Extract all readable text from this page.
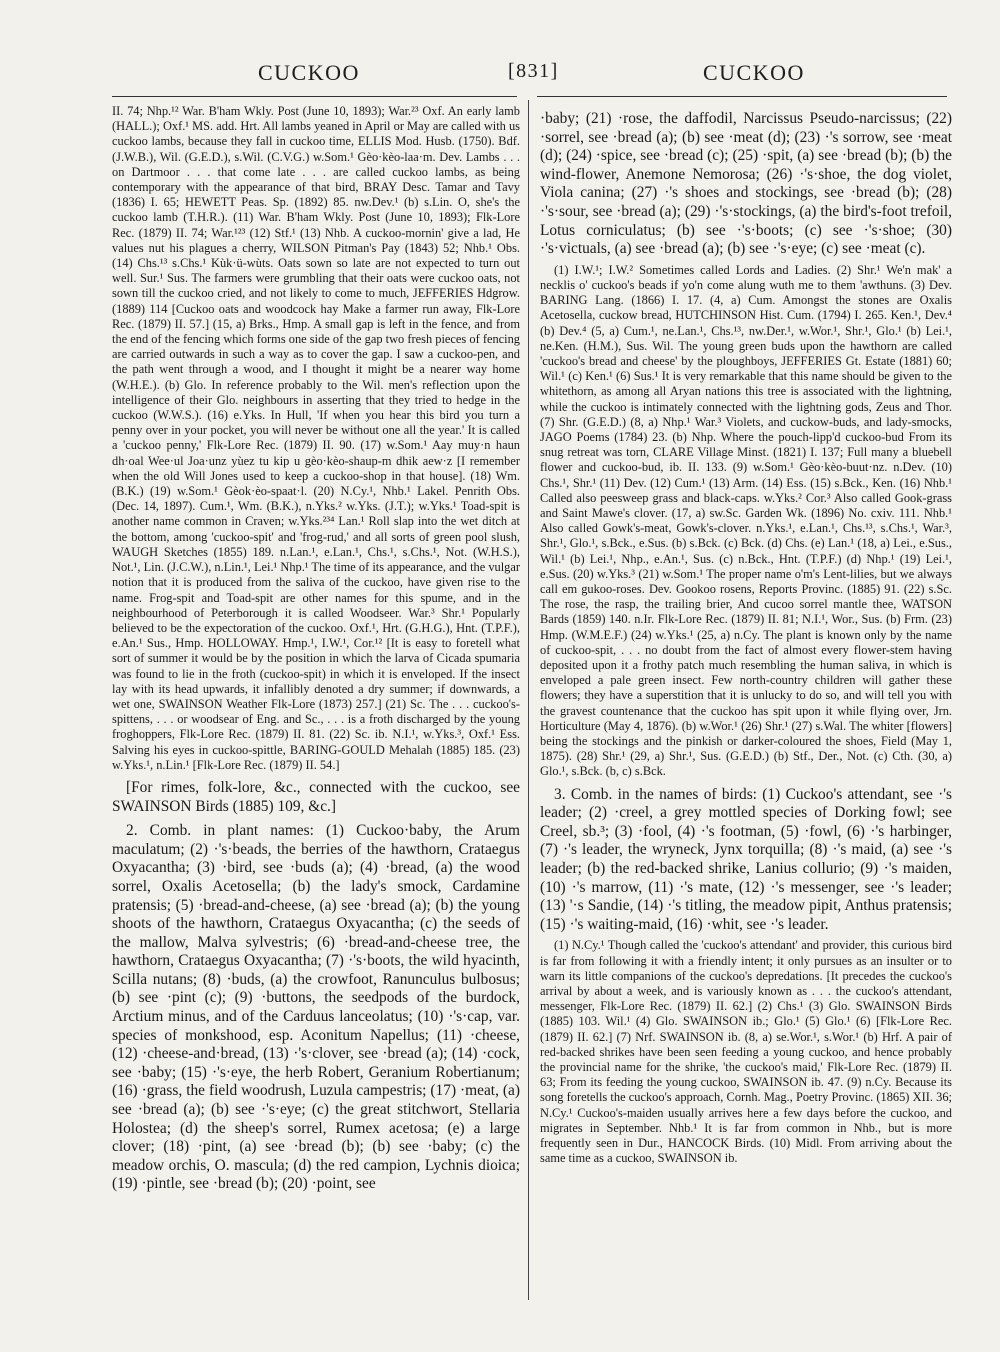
CUCKOO	[831]	CUCKOO

II. 74; Nhp.¹² War. B'ham Wkly. Post (June 10, 1893); War.²³ Oxf. An early lamb (HALL.); Oxf.¹ MS. add. Hrt. All lambs yeaned in April or May are called with us cuckoo lambs, because they fall in cuckoo time, ELLIS Mod. Husb. (1750). Bdf. (J.W.B.), Wil. (G.E.D.), s.Wil. (C.V.G.) w.Som.¹ Gèo·kèo-laa·m. Dev. Lambs . . . on Dartmoor . . . that come late . . . are called cuckoo lambs, as being contemporary with the appearance of that bird, BRAY Desc. Tamar and Tavy (1836) I. 65; HEWETT Peas. Sp. (1892) 85. nw.Dev.¹ (b) s.Lin. O, she's the cuckoo lamb (T.H.R.). (11) War. B'ham Wkly. Post (June 10, 1893); Flk-Lore Rec. (1879) II. 74; War.¹²³ (12) Stf.¹ (13) Nhb. A cuckoo-mornin' give a lad, He values nut his plagues a cherry, WILSON Pitman's Pay (1843) 52; Nhb.¹ Obs. (14) Chs.¹³ s.Chs.¹ Kùk·ü-wùts. Oats sown so late are not expected to turn out well. Sur.¹ Sus. The farmers were grumbling that their oats were cuckoo oats, not sown till the cuckoo cried, and not likely to come to much, JEFFERIES Hdgrow. (1889) 114 [Cuckoo oats and woodcock hay Make a farmer run away, Flk-Lore Rec. (1879) II. 57.] (15, a) Brks., Hmp. A small gap is left in the fence, and from the end of the fencing which forms one side of the gap two fresh pieces of fencing are carried outwards in such a way as to cover the gap. I saw a cuckoo-pen, and the path went through a wood, and I thought it might be a nearer way home (W.H.E.). (b) Glo. In reference probably to the Wil. men's reflection upon the intelligence of their Glo. neighbours in asserting that they tried to hedge in the cuckoo (W.W.S.). (16) e.Yks. In Hull, 'If when you hear this bird you turn a penny over in your pocket, you will never be without one all the year.' It is called a 'cuckoo penny,' Flk-Lore Rec. (1879) II. 90. (17) w.Som.¹ Aay muy·n haun dh·oal Wee·ul Joa·unz yùez tu kip u gèo·kèo-shaup-m dhik aew·z [I remember when the old Will Jones used to keep a cuckoo-shop in that house]. (18) Wm. (B.K.) (19) w.Som.¹ Gèok·èo-spaat·l. (20) N.Cy.¹, Nhb.¹ Lakel. Penrith Obs. (Dec. 14, 1897). Cum.¹, Wm. (B.K.), n.Yks.² w.Yks. (J.T.); w.Yks.¹ Toad-spit is another name common in Craven; w.Yks.²³⁴ Lan.¹ Roll slap into the wet ditch at the bottom, among 'cuckoo-spit' and 'frog-rud,' and all sorts of green pool slush, WAUGH Sketches (1855) 189. n.Lan.¹, e.Lan.¹, Chs.¹, s.Chs.¹, Not. (W.H.S.), Not.¹, Lin. (J.C.W.), n.Lin.¹, Lei.¹ Nhp.¹ The time of its appearance, and the vulgar notion that it is produced from the saliva of the cuckoo, have given rise to the name. Frog-spit and Toad-spit are other names for this spume, and in the neighbourhood of Peterborough it is called Woodseer. War.³ Shr.¹ Popularly believed to be the expectoration of the cuckoo. Oxf.¹, Hrt. (G.H.G.), Hnt. (T.P.F.), e.An.¹ Sus., Hmp. HOLLOWAY. Hmp.¹, I.W.¹, Cor.¹² [It is easy to foretell what sort of summer it would be by the position in which the larva of Cicada spumaria was found to lie in the froth (cuckoo-spit) in which it is enveloped. If the insect lay with its head upwards, it infallibly denoted a dry summer; if downwards, a wet one, SWAINSON Weather Flk-Lore (1873) 257.] (21) Sc. The . . . cuckoo's-spittens, . . . or woodsear of Eng. and Sc., . . . is a froth discharged by the young froghoppers, Flk-Lore Rec. (1879) II. 81. (22) Sc. ib. N.I.¹, w.Yks.³, Oxf.¹ Ess. Salving his eyes in cuckoo-spittle, BARING-GOULD Mehalah (1885) 185. (23) w.Yks.¹, n.Lin.¹ [Flk-Lore Rec. (1879) II. 54.]

[For rimes, folk-lore, &c., connected with the cuckoo, see SWAINSON Birds (1885) 109, &c.]

2. Comb. in plant names: (1) Cuckoo·baby, the Arum maculatum; (2) ·'s·beads, the berries of the hawthorn, Crataegus Oxyacantha; (3) ·bird, see ·buds (a); (4) ·bread, (a) the wood sorrel, Oxalis Acetosella; (b) the lady's smock, Cardamine pratensis; (5) ·bread-and-cheese, (a) see ·bread (a); (b) the young shoots of the hawthorn, Crataegus Oxyacantha; (c) the seeds of the mallow, Malva sylvestris; (6) ·bread-and-cheese tree, the hawthorn, Crataegus Oxyacantha; (7) ·'s·boots, the wild hyacinth, Scilla nutans; (8) ·buds, (a) the crowfoot, Ranunculus bulbosus; (b) see ·pint (c); (9) ·buttons, the seedpods of the burdock, Arctium minus, and of the Carduus lanceolatus; (10) ·'s·cap, var. species of monkshood, esp. Aconitum Napellus; (11) ·cheese, (12) ·cheese-and·bread, (13) ·'s·clover, see ·bread (a); (14) ·cock, see ·baby; (15) ·'s·eye, the herb Robert, Geranium Robertianum; (16) ·grass, the field woodrush, Luzula campestris; (17) ·meat, (a) see ·bread (a); (b) see ·'s·eye; (c) the great stitchwort, Stellaria Holostea; (d) the sheep's sorrel, Rumex acetosa; (e) a large clover; (18) ·pint, (a) see ·bread (b); (b) see ·baby; (c) the meadow orchis, O. mascula; (d) the red campion, Lychnis dioica; (19) ·pintle, see ·bread (b); (20) ·point, see

·baby; (21) ·rose, the daffodil, Narcissus Pseudo-narcissus; (22) ·sorrel, see ·bread (a); (b) see ·meat (d); (23) ·'s sorrow, see ·meat (d); (24) ·spice, see ·bread (c); (25) ·spit, (a) see ·bread (b); (b) the wind-flower, Anemone Nemorosa; (26) ·'s·shoe, the dog violet, Viola canina; (27) ·'s shoes and stockings, see ·bread (b); (28) ·'s·sour, see ·bread (a); (29) ·'s·stockings, (a) the bird's-foot trefoil, Lotus corniculatus; (b) see ·'s·boots; (c) see ·'s·shoe; (30) ·'s·victuals, (a) see ·bread (a); (b) see ·'s·eye; (c) see ·meat (c).

(1) I.W.¹; I.W.² Sometimes called Lords and Ladies. (2) Shr.¹ We'n mak' a necklis o' cuckoo's beads if yo'n come alung wuth me to them 'awthuns. (3) Dev. BARING Lang. (1866) I. 17. (4, a) Cum. Amongst the stones are Oxalis Acetosella, cuckow bread, HUTCHINSON Hist. Cum. (1794) I. 265. Ken.¹, Dev.⁴ (b) Dev.⁴ (5, a) Cum.¹, ne.Lan.¹, Chs.¹³, nw.Der.¹, w.Wor.¹, Shr.¹, Glo.¹ (b) Lei.¹, ne.Ken. (H.M.), Sus. Wil. The young green buds upon the hawthorn are called 'cuckoo's bread and cheese' by the ploughboys, JEFFERIES Gt. Estate (1881) 60; Wil.¹ (c) Ken.¹ (6) Sus.¹ It is very remarkable that this name should be given to the whitethorn, as among all Aryan nations this tree is associated with the lightning, while the cuckoo is intimately connected with the lightning gods, Zeus and Thor. (7) Shr. (G.E.D.) (8, a) Nhp.¹ War.³ Violets, and cuckow-buds, and lady-smocks, JAGO Poems (1784) 23. (b) Nhp. Where the pouch-lipp'd cuckoo-bud From its snug retreat was torn, CLARE Village Minst. (1821) I. 137; Full many a bluebell flower and cuckoo-bud, ib. II. 133. (9) w.Som.¹ Gèo·kèo-buut·nz. n.Dev. (10) Chs.¹, Shr.¹ (11) Dev. (12) Cum.¹ (13) Arm. (14) Ess. (15) s.Bck., Ken. (16) Nhb.¹ Called also peesweep grass and black-caps. w.Yks.² Cor.³ Also called Gook-grass and Saint Mawe's clover. (17, a) sw.Sc. Garden Wk. (1896) No. cxiv. 111. Nhb.¹ Also called Gowk's-meat, Gowk's-clover. n.Yks.¹, e.Lan.¹, Chs.¹³, s.Chs.¹, War.³, Shr.¹, Glo.¹, s.Bck., e.Sus. (b) s.Bck. (c) Bck. (d) Chs. (e) Lan.¹ (18, a) Lei., e.Sus., Wil.¹ (b) Lei.¹, Nhp., e.An.¹, Sus. (c) n.Bck., Hnt. (T.P.F.) (d) Nhp.¹ (19) Lei.¹, e.Sus. (20) w.Yks.³ (21) w.Som.¹ The proper name o'm's Lent-lilies, but we always call em gukoo-roses. Dev. Gookoo rosens, Reports Provinc. (1885) 91. (22) s.Sc. The rose, the rasp, the trailing brier, And cucoo sorrel mantle thee, WATSON Bards (1859) 140. n.Ir. Flk-Lore Rec. (1879) II. 81; N.I.¹, Wor., Sus. (b) Frm. (23) Hmp. (W.M.E.F.) (24) w.Yks.¹ (25, a) n.Cy. The plant is known only by the name of cuckoo-spit, . . . no doubt from the fact of almost every flower-stem having deposited upon it a frothy patch much resembling the human saliva, in which is enveloped a pale green insect. Few north-country children will gather these flowers; they have a superstition that it is unlucky to do so, and will tell you with the gravest countenance that the cuckoo has spit upon it while flying over, Jrn. Horticulture (May 4, 1876). (b) w.Wor.¹ (26) Shr.¹ (27) s.Wal. The whiter [flowers] being the stockings and the pinkish or darker-coloured the shoes, Field (May 1, 1875). (28) Shr.¹ (29, a) Shr.¹, Sus. (G.E.D.) (b) Stf., Der., Not. (c) Cth. (30, a) Glo.¹, s.Bck. (b, c) s.Bck.

3. Comb. in the names of birds: (1) Cuckoo's attendant, see ·'s leader; (2) ·creel, a grey mottled species of Dorking fowl; see Creel, sb.³; (3) ·fool, (4) ·'s footman, (5) ·fowl, (6) ·'s harbinger, (7) ·'s leader, the wryneck, Jynx torquilla; (8) ·'s maid, (a) see ·'s leader; (b) the red-backed shrike, Lanius collurio; (9) ·'s maiden, (10) ·'s marrow, (11) ·'s mate, (12) ·'s messenger, see ·'s leader; (13) '·s Sandie, (14) ·'s titling, the meadow pipit, Anthus pratensis; (15) ·'s waiting-maid, (16) ·whit, see ·'s leader.

(1) N.Cy.¹ Though called the 'cuckoo's attendant' and provider, this curious bird is far from following it with a friendly intent; it only pursues as an insulter or to warn its little companions of the cuckoo's depredations. [It precedes the cuckoo's arrival by about a week, and is variously known as . . . the cuckoo's attendant, messenger, Flk-Lore Rec. (1879) II. 62.] (2) Chs.¹ (3) Glo. SWAINSON Birds (1885) 103. Wil.¹ (4) Glo. SWAINSON ib.; Glo.¹ (5) Glo.¹ (6) [Flk-Lore Rec. (1879) II. 62.] (7) Nrf. SWAINSON ib. (8, a) se.Wor.¹, s.Wor.¹ (b) Hrf. A pair of red-backed shrikes have been seen feeding a young cuckoo, and hence probably the provincial name for the shrike, 'the cuckoo's maid,' Flk-Lore Rec. (1879) II. 63; From its feeding the young cuckoo, SWAINSON ib. 47. (9) n.Cy. Because its song foretells the cuckoo's approach, Cornh. Mag., Poetry Provinc. (1865) XII. 36; N.Cy.¹ Cuckoo's-maiden usually arrives here a few days before the cuckoo, and migrates in September. Nhb.¹ It is far from common in Nhb., but is more frequently seen in Dur., HANCOCK Birds. (10) Midl. From arriving about the same time as a cuckoo, SWAINSON ib.
